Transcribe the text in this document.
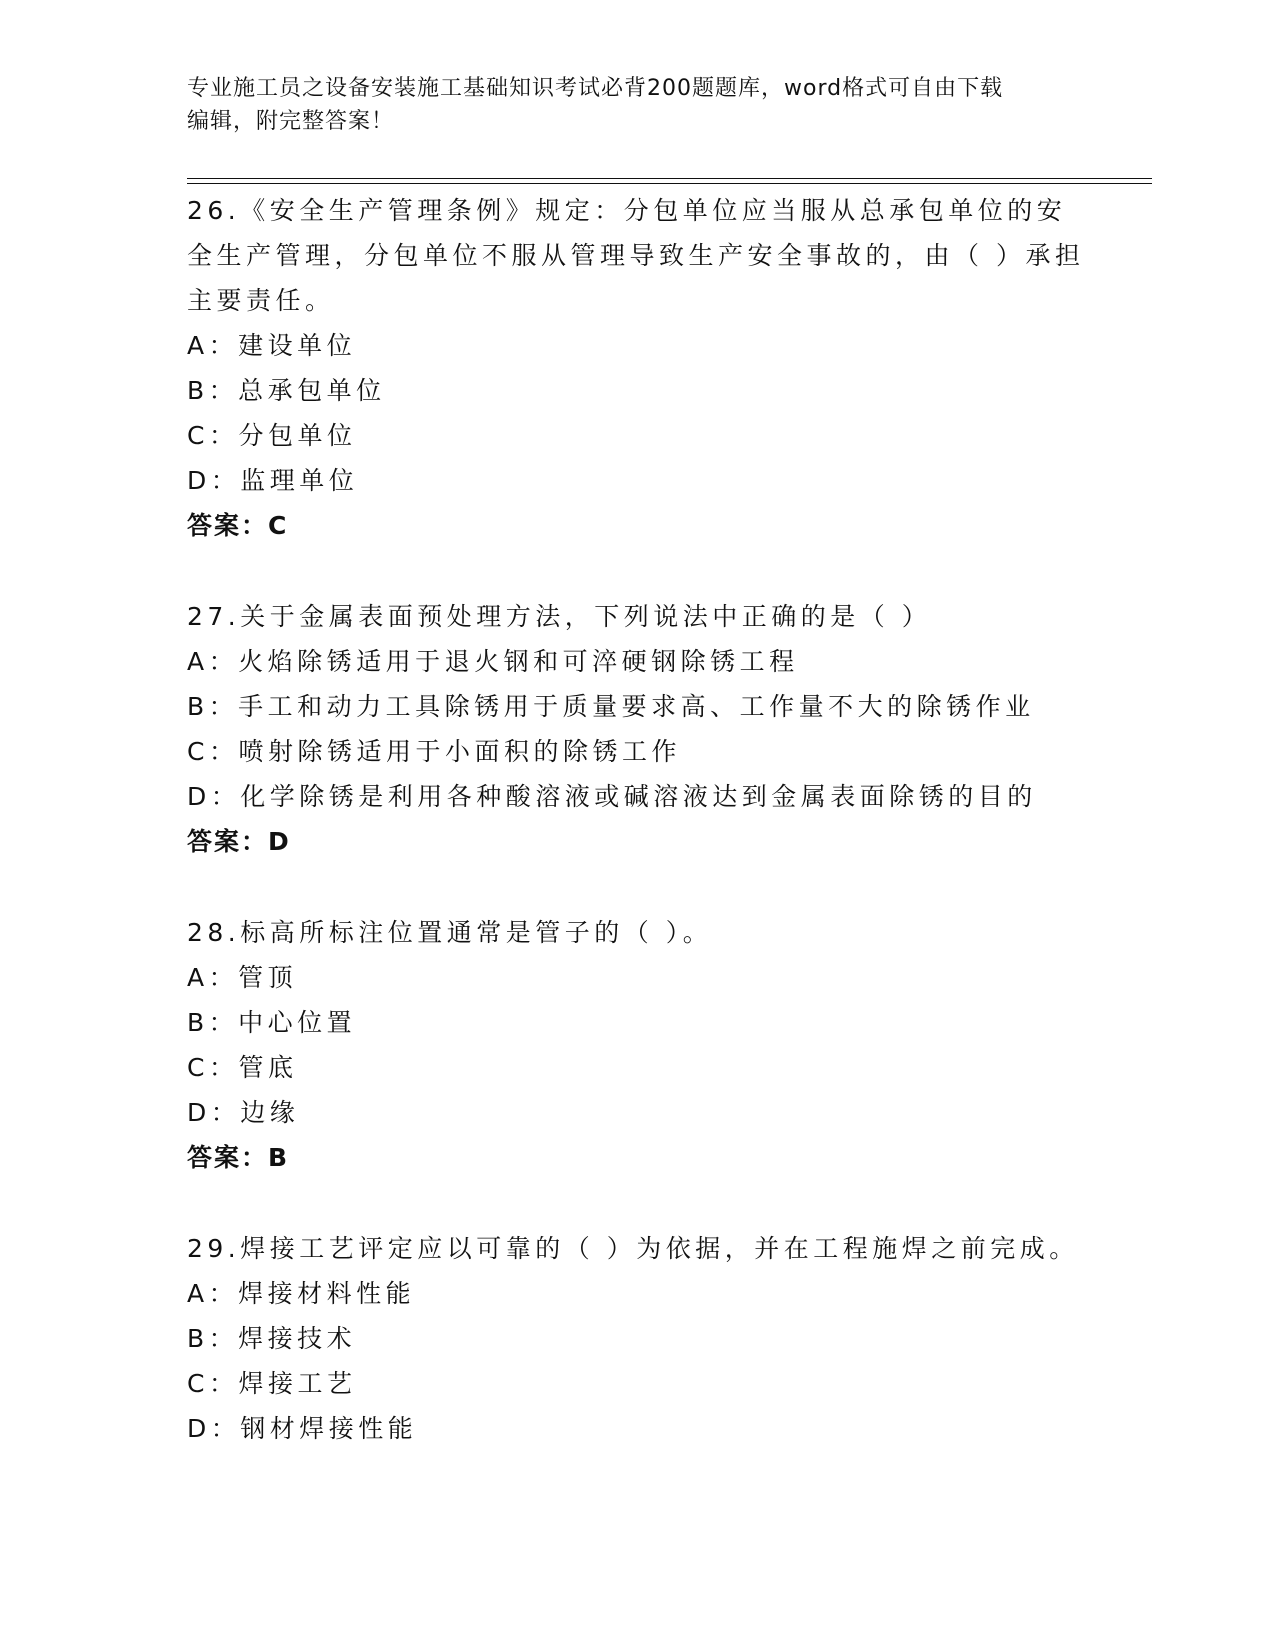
专业施工员之设备安装施工基础知识考试必背200题题库，word格式可自由下载
编辑，附完整答案！
26.《安全生产管理条例》规定：分包单位应当服从总承包单位的安全生产管理，分包单位不服从管理导致生产安全事故的，由（ ）承担主要责任。
A：建设单位
B：总承包单位
C：分包单位
D：监理单位
答案：C
27.关于金属表面预处理方法，下列说法中正确的是（ ）
A：火焰除锈适用于退火钢和可淬硬钢除锈工程
B：手工和动力工具除锈用于质量要求高、工作量不大的除锈作业
C：喷射除锈适用于小面积的除锈工作
D：化学除锈是利用各种酸溶液或碱溶液达到金属表面除锈的目的
答案：D
28.标高所标注位置通常是管子的（ ）。
A：管顶
B：中心位置
C：管底
D：边缘
答案：B
29.焊接工艺评定应以可靠的（ ）为依据，并在工程施焊之前完成。
A：焊接材料性能
B：焊接技术
C：焊接工艺
D：钢材焊接性能
